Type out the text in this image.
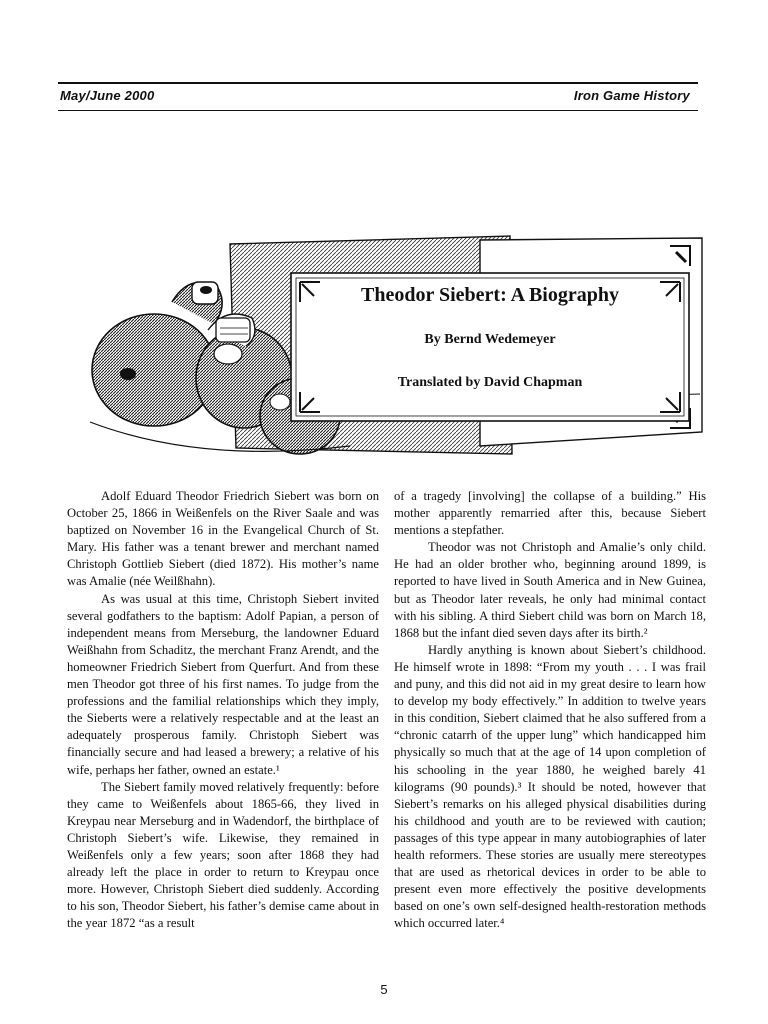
May/June 2000	Iron Game History
Theodor Siebert: A Biography
By Bernd Wedemeyer
Translated by David Chapman

Adolf Eduard Theodor Friedrich Siebert was born on October 25, 1866 in Weißenfels on the River Saale and was baptized on November 16 in the Evangelical Church of St. Mary. His father was a tenant brewer and merchant named Christoph Gottlieb Siebert (died 1872). His mother’s name was Amalie (née Weilßhahn).

As was usual at this time, Christoph Siebert invited several godfathers to the baptism: Adolf Papian, a person of independent means from Merseburg, the landowner Eduard Weißhahn from Schaditz, the merchant Franz Arendt, and the homeowner Friedrich Siebert from Querfurt. And from these men Theodor got three of his first names. To judge from the professions and the familial relationships which they imply, the Sieberts were a relatively respectable and at the least an adequately prosperous family. Christoph Siebert was financially secure and had leased a brewery; a relative of his wife, perhaps her father, owned an estate.¹

The Siebert family moved relatively frequently: before they came to Weißenfels about 1865-66, they lived in Kreypau near Merseburg and in Wadendorf, the birthplace of Christoph Siebert’s wife. Likewise, they remained in Weißenfels only a few years; soon after 1868 they had already left the place in order to return to Kreypau once more. However, Christoph Siebert died suddenly. According to his son, Theodor Siebert, his father’s demise came about in the year 1872 “as a result

of a tragedy [involving] the collapse of a building.” His mother apparently remarried after this, because Siebert mentions a stepfather.

Theodor was not Christoph and Amalie’s only child. He had an older brother who, beginning around 1899, is reported to have lived in South America and in New Guinea, but as Theodor later reveals, he only had minimal contact with his sibling. A third Siebert child was born on March 18, 1868 but the infant died seven days after its birth.²

Hardly anything is known about Siebert’s childhood. He himself wrote in 1898: “From my youth . . . I was frail and puny, and this did not aid in my great desire to learn how to develop my body effectively.” In addition to twelve years in this condition, Siebert claimed that he also suffered from a “chronic catarrh of the upper lung” which handicapped him physically so much that at the age of 14 upon completion of his schooling in the year 1880, he weighed barely 41 kilograms (90 pounds).³ It should be noted, however that Siebert’s remarks on his alleged physical disabilities during his childhood and youth are to be reviewed with caution; passages of this type appear in many autobiographies of later health reformers. These stories are usually mere stereotypes that are used as rhetorical devices in order to be able to present even more effectively the positive developments based on one’s own self-designed health-restoration methods which occurred later.⁴

5
